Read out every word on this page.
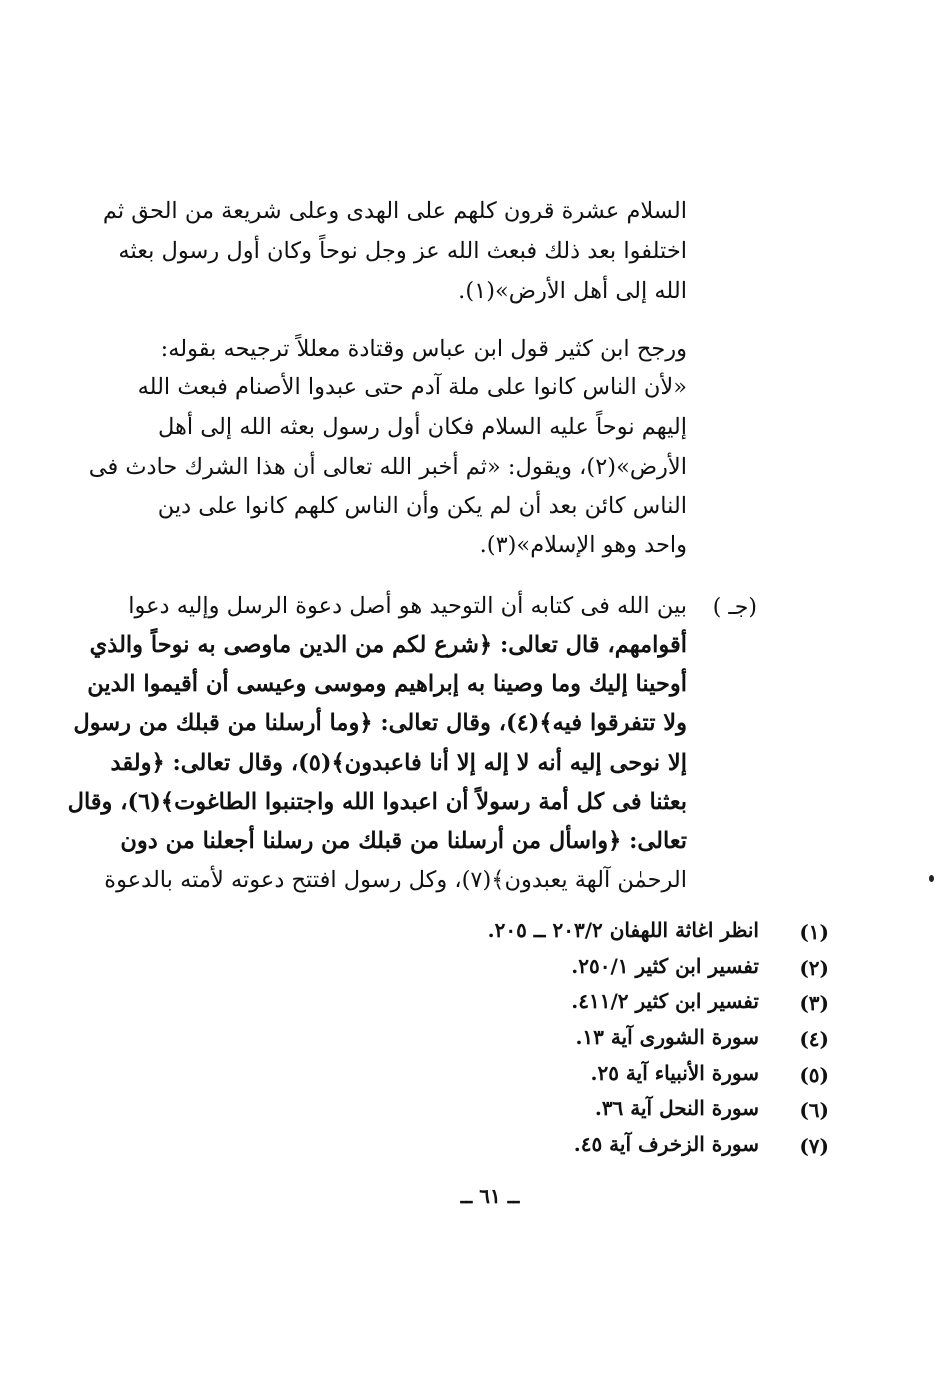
السلام عشرة قرون كلهم على الهدى وعلى شريعة من الحق ثم
اختلفوا بعد ذلك فبعث الله عز وجل نوحاً وكان أول رسول بعثه
الله إلى أهل الأرض»(١).
ورجح ابن كثير قول ابن عباس وقتادة معللاً ترجيحه بقوله:
«لأن الناس كانوا على ملة آدم حتى عبدوا الأصنام فبعث الله
إليهم نوحاً عليه السلام فكان أول رسول بعثه الله إلى أهل
الأرض»(٢)، ويقول: «ثم أخبر الله تعالى أن هذا الشرك حادث فى
الناس كائن بعد أن لم يكن وأن الناس كلهم كانوا على دين
واحد وهو الإسلام»(٣).
(جـ )
بين الله فى كتابه أن التوحيد هو أصل دعوة الرسل وإليه دعوا
أقوامهم، قال تعالى: ﴿شرع لكم من الدين ماوصى به نوحاً والذي
أوحينا إليك وما وصينا به إبراهيم وموسى وعيسى أن أقيموا الدين
ولا تتفرقوا فيه﴾(٤)، وقال تعالى: ﴿وما أرسلنا من قبلك من رسول
إلا نوحى إليه أنه لا إله إلا أنا فاعبدون﴾(٥)، وقال تعالى: ﴿ولقد
بعثنا فى كل أمة رسولاً أن اعبدوا الله واجتنبوا الطاغوت﴾(٦)، وقال
تعالى: ﴿واسأل من أرسلنا من قبلك من رسلنا أجعلنا من دون
الرحمٰن آلهة يعبدون﴾(٧)، وكل رسول افتتح دعوته لأمته بالدعوة
(١)
انظر اغاثة اللهفان ٢٠٣/٢ ــ ٢٠٥.
(٢)
تفسير ابن كثير ٢٥٠/١.
(٣)
تفسير ابن كثير ٤١١/٢.
(٤)
سورة الشورى آية ١٣.
(٥)
سورة الأنبياء آية ٢٥.
(٦)
سورة النحل آية ٣٦.
(٧)
سورة الزخرف آية ٤٥.
ــ ٦١ ــ
